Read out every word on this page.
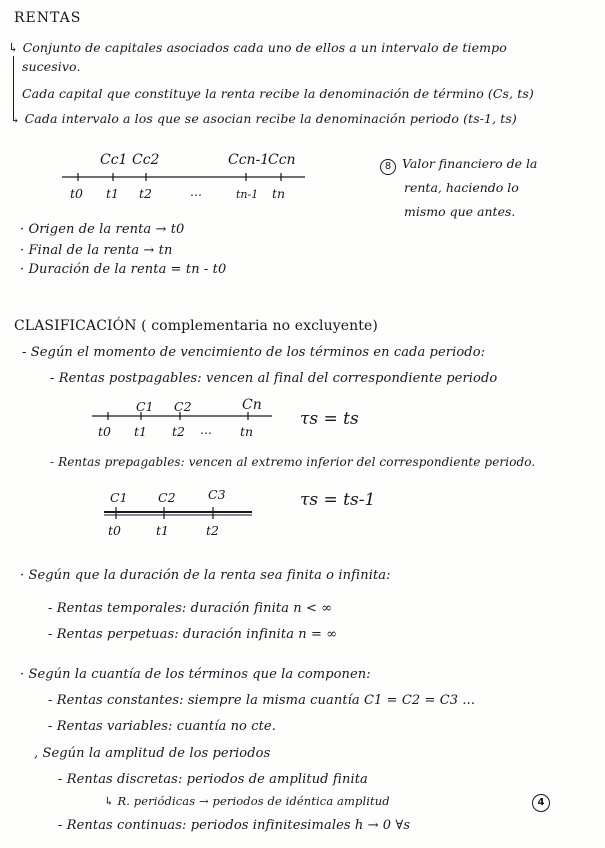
RENTAS
↳ Conjunto de capitales asociados cada uno de ellos a un intervalo de tiempo
sucesivo.
Cada capital que constituye la renta recibe la denominación de término (Cs, ts)
↳ Cada intervalo a los que se asocian recibe la denominación periodo (ts-1, ts)
Cc1 Cc2	Ccn-1
Ccn
t0 t1 t2	...	tn-1 tn
8 Valor financiero de la
renta, haciendo lo
mismo que antes.
· Origen de la renta → t0
· Final de la renta → tn
· Duración de la renta = tn - t0
CLASIFICACIÓN ( complementaria no excluyente)
- Según el momento de vencimiento de los términos en cada periodo:
- Rentas postpagables: vencen al final del correspondiente periodo
C1 C2	Cn
t0 t1 t2 ... tn
τs = ts
- Rentas prepagables: vencen al extremo inferior del correspondiente periodo.
C1 C2	C3
t0	t1	t2
τs = ts-1
· Según que la duración de la renta sea finita o infinita:
- Rentas temporales: duración finita n < ∞
- Rentas perpetuas: duración infinita n = ∞
· Según la cuantía de los términos que la componen:
- Rentas constantes: siempre la misma cuantía C1 = C2 = C3 ...
- Rentas variables: cuantía no cte.
, Según la amplitud de los periodos
- Rentas discretas: periodos de amplitud finita
↳ R. periódicas → periodos de idéntica amplitud
- Rentas continuas: periodos infinitesimales h → 0 ∀s
4
